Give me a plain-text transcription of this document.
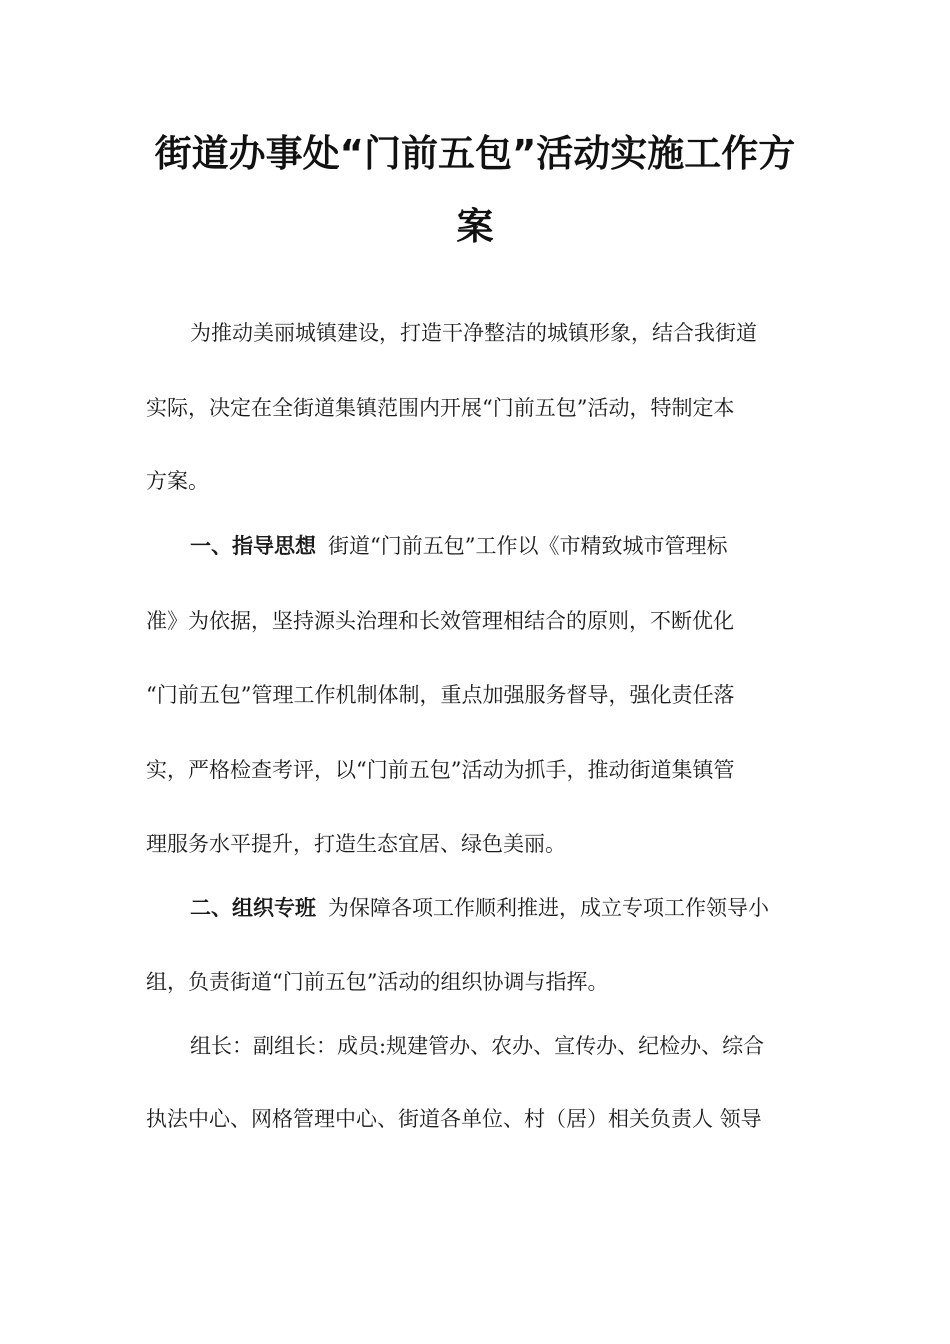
街道办事处“门前五包”活动实施工作方
案
为推动美丽城镇建设，打造干净整洁的城镇形象，结合我街道
实际，决定在全街道集镇范围内开展“门前五包”活动，特制定本
方案。
一、指导思想 街道“门前五包”工作以《市精致城市管理标
准》为依据，坚持源头治理和长效管理相结合的原则，不断优化
“门前五包”管理工作机制体制，重点加强服务督导，强化责任落
实，严格检查考评，以“门前五包”活动为抓手，推动街道集镇管
理服务水平提升，打造生态宜居、绿色美丽。
二、组织专班 为保障各项工作顺利推进，成立专项工作领导小
组，负责街道“门前五包”活动的组织协调与指挥。
组长：副组长：成员:规建管办、农办、宣传办、纪检办、综合
执法中心、网格管理中心、街道各单位、村（居）相关负责人 领导
